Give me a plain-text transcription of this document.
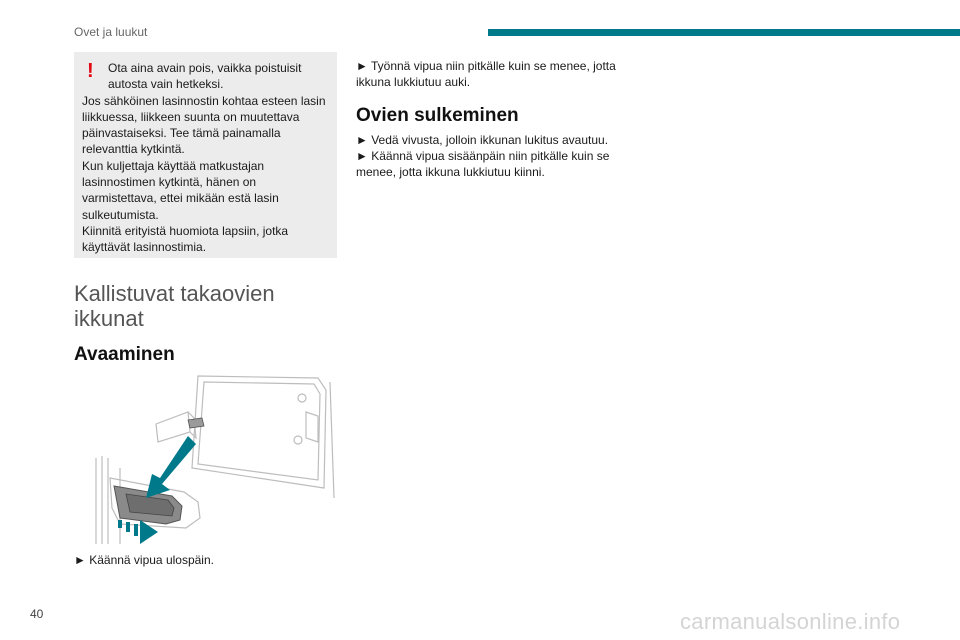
Ovet ja luukut
!	Ota aina avain pois, vaikka poistuisit autosta vain hetkeksi.

Jos sähköinen lasinnostin kohtaa esteen lasin liikkuessa, liikkeen suunta on muutettava päinvastaiseksi. Tee tämä painamalla relevanttia kytkintä.

Kun kuljettaja käyttää matkustajan lasinnostimen kytkintä, hänen on varmistettava, ettei mikään estä lasin sulkeutumista.

Kiinnitä erityistä huomiota lapsiin, jotka käyttävät lasinnostimia.

Kallistuvat takaovien ikkunat
Avaaminen
► Käännä vipua ulospäin.

► Työnnä vipua niin pitkälle kuin se menee, jotta ikkuna lukkiutuu auki.

Ovien sulkeminen

► Vedä vivusta, jolloin ikkunan lukitus avautuu.

► Käännä vipua sisäänpäin niin pitkälle kuin se menee, jotta ikkuna lukkiutuu kiinni.

40	carmanualsonline.info
